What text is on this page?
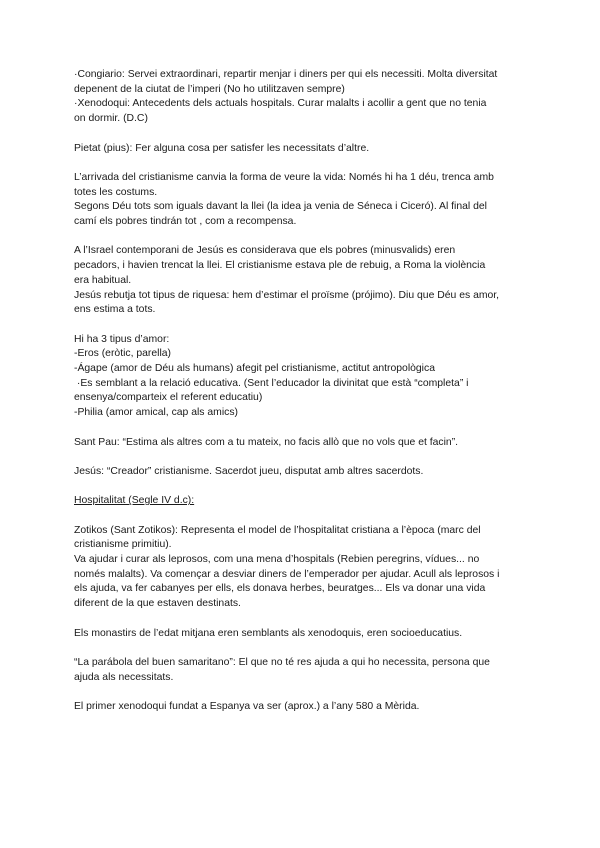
·Congiario: Servei extraordinari, repartir menjar i diners per qui els necessiti. Molta diversitat
depenent de la ciutat de l’imperi (No ho utilitzaven sempre)
·Xenodoqui: Antecedents dels actuals hospitals. Curar malalts i acollir a gent que no tenia
on dormir. (D.C)
Pietat (pius): Fer alguna cosa per satisfer les necessitats d’altre.
L’arrivada del cristianisme canvia la forma de veure la vida: Només hi ha 1 déu, trenca amb
totes les costums.
Segons Déu tots som iguals davant la llei (la idea ja venia de Séneca i Ciceró). Al final del
camí els pobres tindrán tot , com a recompensa.
A l’Israel contemporani de Jesús es considerava que els pobres (minusvalids) eren
pecadors, i havien trencat la llei. El cristianisme estava ple de rebuig, a Roma la violència
era habitual.
Jesús rebutja tot tipus de riquesa: hem d’estimar el proïsme (prójimo). Diu que Déu es amor,
ens estima a tots.
Hi ha 3 tipus d’amor:
-Eros (eròtic, parella)
-Ágape (amor de Déu als humans) afegit pel cristianisme, actitut antropològica
·Es semblant a la relació educativa. (Sent l’educador la divinitat que està “completa” i
ensenya/comparteix el referent educatiu)
-Philia (amor amical, cap als amics)
Sant Pau: “Estima als altres com a tu mateix, no facis allò que no vols que et facin”.
Jesús: “Creador” cristianisme. Sacerdot jueu, disputat amb altres sacerdots.
Hospitalitat (Segle IV d.c):
Zotikos (Sant Zotikos): Representa el model de l’hospitalitat cristiana a l’època (marc del
cristianisme primitiu).
Va ajudar i curar als leprosos, com una mena d’hospitals (Rebien peregrins, vídues... no
només malalts). Va començar a desviar diners de l’emperador per ajudar. Acull als leprosos i
els ajuda, va fer cabanyes per ells, els donava herbes, beuratges... Els va donar una vida
diferent de la que estaven destinats.
Els monastirs de l’edat mitjana eren semblants als xenodoquis, eren socioeducatius.
“La parábola del buen samaritano”: El que no té res ajuda a qui ho necessita, persona que
ajuda als necessitats.
El primer xenodoqui fundat a Espanya va ser (aprox.) a l’any 580 a Mèrida.
